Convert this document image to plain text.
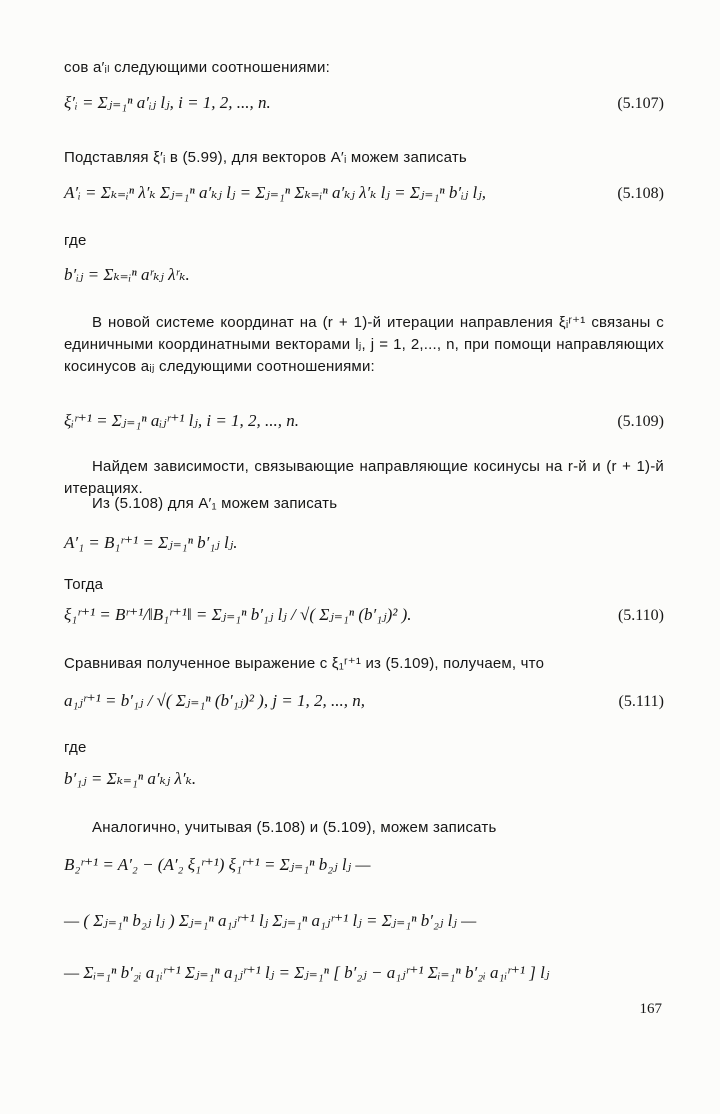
сов a′ᵢₗ следующими соотношениями:
ξ′ᵢ = Σⱼ₌₁ⁿ a′ᵢⱼ lⱼ, i = 1, 2, ..., n.	(5.107)
Подставляя ξ′ᵢ в (5.99), для векторов A′ᵢ можем записать
A′ᵢ = Σₖ₌ᵢⁿ λ′ₖ Σⱼ₌₁ⁿ a′ₖⱼ lⱼ = Σⱼ₌₁ⁿ Σₖ₌ᵢⁿ a′ₖⱼ λ′ₖ lⱼ = Σⱼ₌₁ⁿ b′ᵢⱼ lⱼ,	(5.108)
где
b′ᵢⱼ = Σₖ₌ᵢⁿ aʳₖⱼ λʳₖ.
В новой системе координат на (r + 1)-й итерации направления ξᵢʳ⁺¹ связаны с единичными координатными векторами lⱼ, j = 1, 2,..., n, при помощи направляющих косинусов aᵢⱼ следующими соотношениями:
ξᵢʳ⁺¹ = Σⱼ₌₁ⁿ aᵢⱼʳ⁺¹ lⱼ, i = 1, 2, ..., n.	(5.109)
Найдем зависимости, связывающие направляющие косинусы на r-й и (r + 1)-й итерациях.
Из (5.108) для A′₁ можем записать
A′₁ = B₁ʳ⁺¹ = Σⱼ₌₁ⁿ b′₁ⱼ lⱼ.
Тогда
ξ₁ʳ⁺¹ = Bʳ⁺¹/‖B₁ʳ⁺¹‖ = Σⱼ₌₁ⁿ b′₁ⱼ lⱼ / √( Σⱼ₌₁ⁿ (b′₁ⱼ)² ).	(5.110)
Сравнивая полученное выражение с ξ₁ʳ⁺¹ из (5.109), получаем, что
a₁ⱼʳ⁺¹ = b′₁ⱼ / √( Σⱼ₌₁ⁿ (b′₁ⱼ)² ), j = 1, 2, ..., n,	(5.111)
где
b′₁ⱼ = Σₖ₌₁ⁿ a′ₖⱼ λ′ₖ.
Аналогично, учитывая (5.108) и (5.109), можем записать
B₂ʳ⁺¹ = A′₂ − (A′₂ ξ₁ʳ⁺¹) ξ₁ʳ⁺¹ = Σⱼ₌₁ⁿ b₂ⱼ lⱼ —
— ( Σⱼ₌₁ⁿ b₂ⱼ lⱼ ) Σⱼ₌₁ⁿ a₁ⱼʳ⁺¹ lⱼ Σⱼ₌₁ⁿ a₁ⱼʳ⁺¹ lⱼ = Σⱼ₌₁ⁿ b′₂ⱼ lⱼ —
— Σᵢ₌₁ⁿ b′₂ᵢ a₁ᵢʳ⁺¹ Σⱼ₌₁ⁿ a₁ⱼʳ⁺¹ lⱼ = Σⱼ₌₁ⁿ [ b′₂ⱼ − a₁ⱼʳ⁺¹ Σᵢ₌₁ⁿ b′₂ᵢ a₁ᵢʳ⁺¹ ] lⱼ
167
